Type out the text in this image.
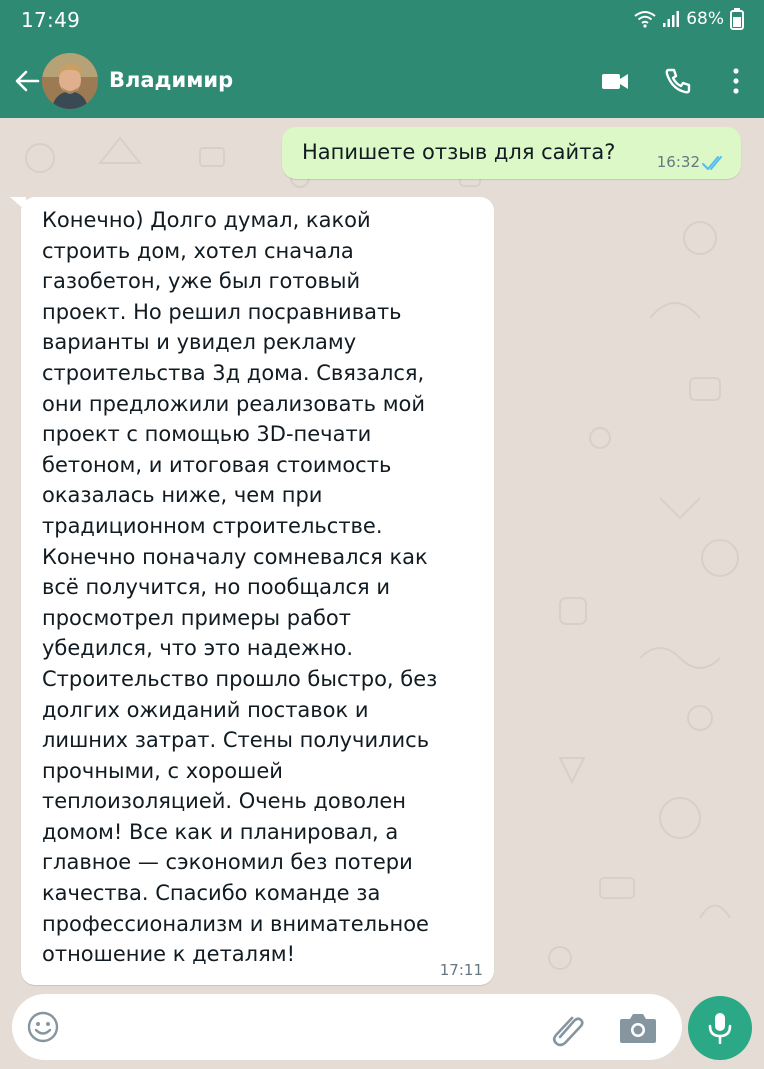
17:49	68%
Владимир
Напишете отзыв для сайта?	16:32
Конечно) Долго думал, какой
строить дом, хотел сначала
газобетон, уже был готовый
проект. Но решил посравнивать
варианты и увидел рекламу
строительства 3д дома. Связался,
они предложили реализовать мой
проект с помощью 3D-печати
бетоном, и итоговая стоимость
оказалась ниже, чем при
традиционном строительстве.
Конечно поначалу сомневался как
всё получится, но пообщался и
просмотрел примеры работ
убедился, что это надежно.
Строительство прошло быстро, без
долгих ожиданий поставок и
лишних затрат. Стены получились
прочными, с хорошей
теплоизоляцией. Очень доволен
домом! Все как и планировал, а
главное — сэкономил без потери
качества. Спасибо команде за
профессионализм и внимательное
отношение к деталям!
17:11
